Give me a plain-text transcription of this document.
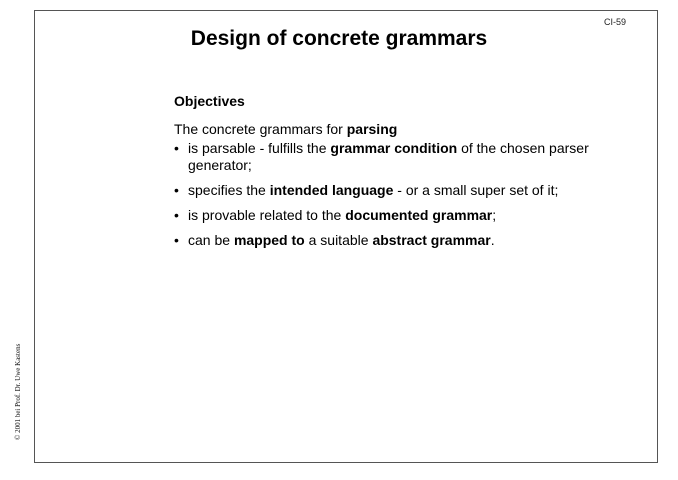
CI-59
Design of concrete grammars
Objectives

The concrete grammars for parsing

• is parsable - fulfills the grammar condition of the chosen parser generator;
• specifies the intended language - or a small super set of it;
• is provable related to the documented grammar;
• can be mapped to a suitable abstract grammar.
© 2001 bei Prof. Dr. Uwe Kastens
